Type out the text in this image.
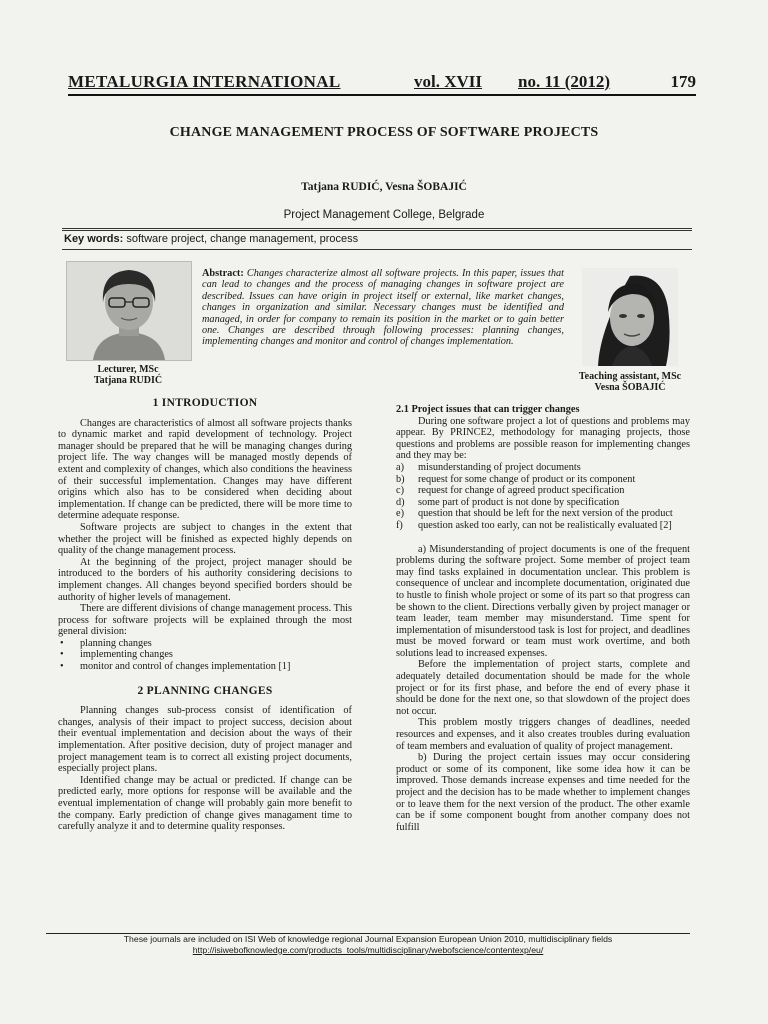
METALURGIA INTERNATIONAL	vol. XVII no. 11 (2012)	179
CHANGE MANAGEMENT PROCESS OF SOFTWARE PROJECTS
Tatjana RUDIĆ, Vesna ŠOBAJIĆ
Project Management College, Belgrade
Key words: software project, change management, process
Lecturer, MSc
Tatjana RUDIĆ
Abstract: Changes characterize almost all software projects. In this paper, issues that can lead to changes and the process of managing changes in software project are described. Issues can have origin in project itself or external, like market changes, changes in organization and similar. Necessary changes must be identified and managed, in order for company to remain its position in the market or to gain better one. Changes are described through following processes: planning changes, implementing changes and monitor and control of changes implementation.
Teaching assistant, MSc
Vesna ŠOBAJIĆ
1 INTRODUCTION

Changes are characteristics of almost all software projects thanks to dynamic market and rapid development of technology. Project manager should be prepared that he will be managing changes during project life. The way changes will be managed mostly depends of extent and complexity of changes, which also conditions the heaviness of their successful implementation. Changes may have different origins which also has to be considered when deciding about implementation. If change can be predicted, there will be more time to determine adequate response.

Software projects are subject to changes in the extent that whether the project will be finished as expected highly depends on quality of the change management process.

At the beginning of the project, project manager should be introduced to the borders of his authority considering decisions to implement changes. All changes beyond specified borders should be authority of higher levels of management.

There are different divisions of change management process. This process for software projects will be explained through the most general division:

• planning changes
• implementing changes
• monitor and control of changes implementation [1]
2 PLANNING CHANGES

Planning changes sub-process consist of identification of changes, analysis of their impact to project success, decision about their eventual implementation and decision about the ways of their implementation. After positive decision, duty of project manager and project management team is to correct all existing project documents, especially project plans.

Identified change may be actual or predicted. If change can be predicted early, more options for response will be available and the eventual implementation of change will probably gain more benefit to the company. Early prediction of change gives managament time to carefully analyze it and to determine quality responses.

2.1 Project issues that can trigger changes

During one software project a lot of questions and problems may appear. By PRINCE2, methodology for managing projects, those questions and problems are possible reason for implementing changes and they may be:

a) misunderstanding of project documents
b) request for some change of product or its component
c) request for change of agreed product specification
d) some part of product is not done by specification
e) question that should be left for the next version of the product
f) question asked too early, can not be realistically evaluated [2]

a) Misunderstanding of project documents is one of the frequent problems during the software project. Some member of project team may find tasks explained in documentation unclear. This problem is consequence of unclear and incomplete documentation, originated due to hustle to finish whole project or some of its part so that progress can be shown to the client. Directions verbally given by project manager or team leader, team member may misunderstand. Time spent for implementation of misunderstood task is lost for project, and deadlines must be moved forward or team must work overtime, and both solutions lead to increased expenses.

Before the implementation of project starts, complete and adequately detailed documentation should be made for the whole project or for its first phase, and before the end of every phase it should be done for the next one, so that slowdown of the project does not occur.

This problem mostly triggers changes of deadlines, needed resources and expenses, and it also creates troubles during evaluation of team members and evaluation of quality of project management.

b) During the project certain issues may occur considering product or some of its component, like some idea how it can be improved. Those demands increase expenses and time needed for the project and the decision has to be made whether to implement changes or to leave them for the next version of the product. The other examle can be if some component bought from another company does not fulfill

These journals are included on ISI Web of knowledge regional Journal Expansion European Union 2010, multidisciplinary fields
http://isiwebofknowledge.com/products_tools/multidisciplinary/webofscience/contentexp/eu/
